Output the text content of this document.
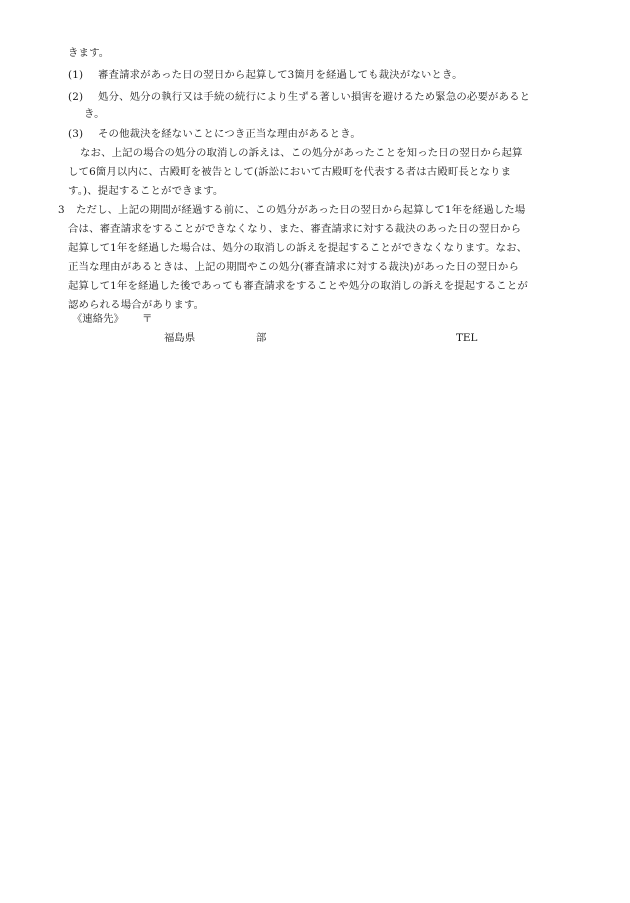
きます。
(1) 審査請求があった日の翌日から起算して3箇月を経過しても裁決がないとき。
(2) 処分、処分の執行又は手続の続行により生ずる著しい損害を避けるため緊急の必要があると
き。
(3) その他裁決を経ないことにつき正当な理由があるとき。
なお、上記の場合の処分の取消しの訴えは、この処分があったことを知った日の翌日から起算
して6箇月以内に、古殿町を被告として(訴訟において古殿町を代表する者は古殿町長となりま
す。)、提起することができます。
3 ただし、上記の期間が経過する前に、この処分があった日の翌日から起算して1年を経過した場
合は、審査請求をすることができなくなり、また、審査請求に対する裁決のあった日の翌日から
起算して1年を経過した場合は、処分の取消しの訴えを提起することができなくなります。なお、
正当な理由があるときは、上記の期間やこの処分(審査請求に対する裁決)があった日の翌日から
起算して1年を経過した後であっても審査請求をすることや処分の取消しの訴えを提起することが
認められる場合があります。
《連絡先》 〒
福島県	部	TEL
